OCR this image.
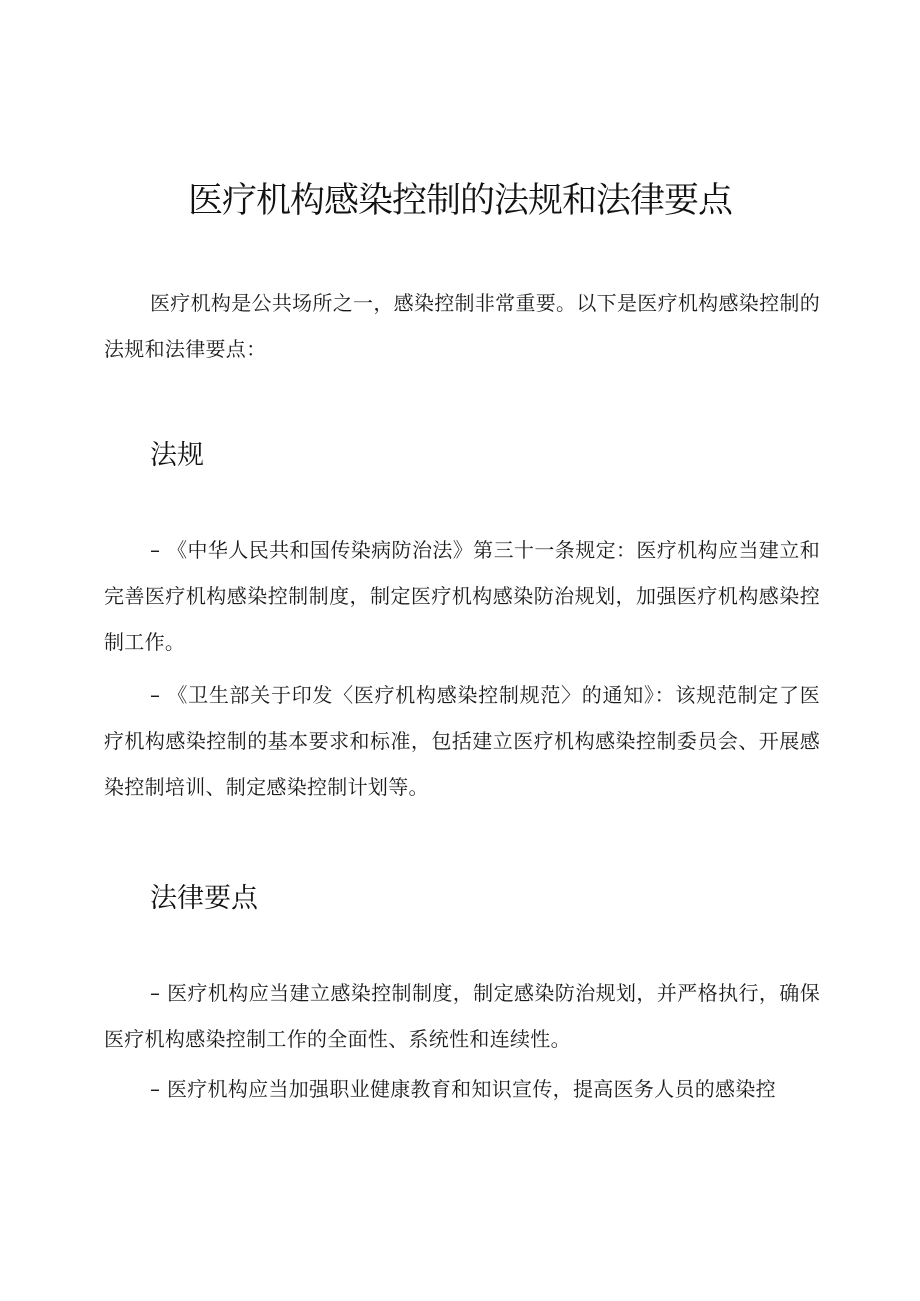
医疗机构感染控制的法规和法律要点

医疗机构是公共场所之一，感染控制非常重要。以下是医疗机构感染控制的法规和法律要点：

法规

– 《中华人民共和国传染病防治法》第三十一条规定：医疗机构应当建立和完善医疗机构感染控制制度，制定医疗机构感染防治规划，加强医疗机构感染控制工作。

– 《卫生部关于印发〈医疗机构感染控制规范〉的通知》：该规范制定了医疗机构感染控制的基本要求和标准，包括建立医疗机构感染控制委员会、开展感染控制培训、制定感染控制计划等。

法律要点

– 医疗机构应当建立感染控制制度，制定感染防治规划，并严格执行，确保医疗机构感染控制工作的全面性、系统性和连续性。

– 医疗机构应当加强职业健康教育和知识宣传，提高医务人员的感染控
